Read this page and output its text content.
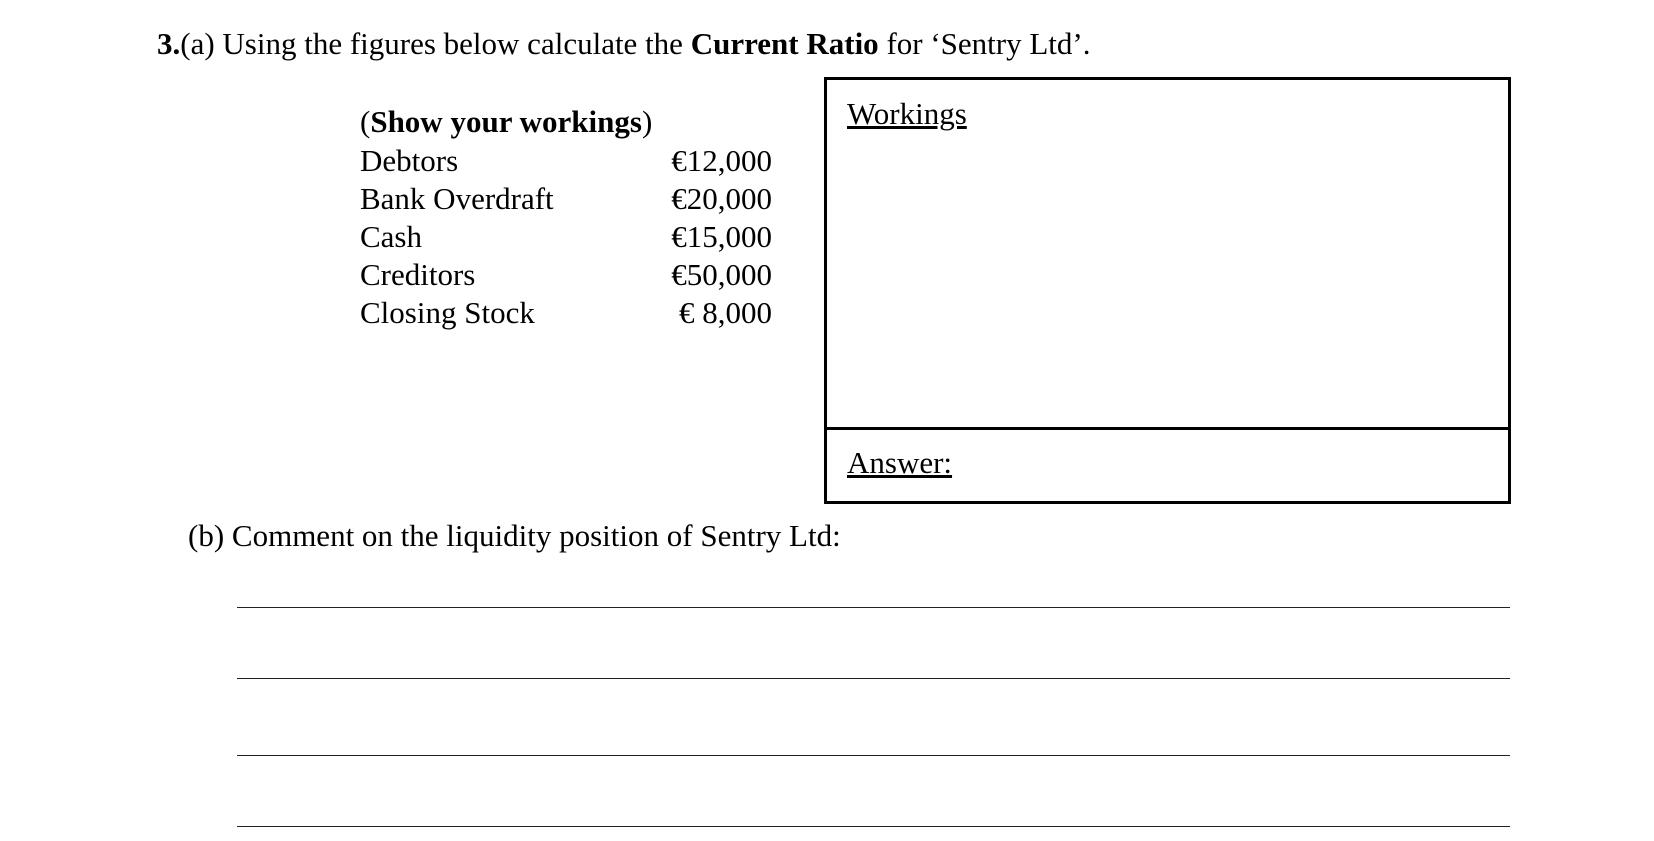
3.(a) Using the figures below calculate the Current Ratio for ‘Sentry Ltd’.
(Show your workings)
Debtors	€12,000
Bank Overdraft	€20,000
Cash	€15,000
Creditors	€50,000
Closing Stock	€ 8,000
Workings
Answer:
(b) Comment on the liquidity position of Sentry Ltd:
